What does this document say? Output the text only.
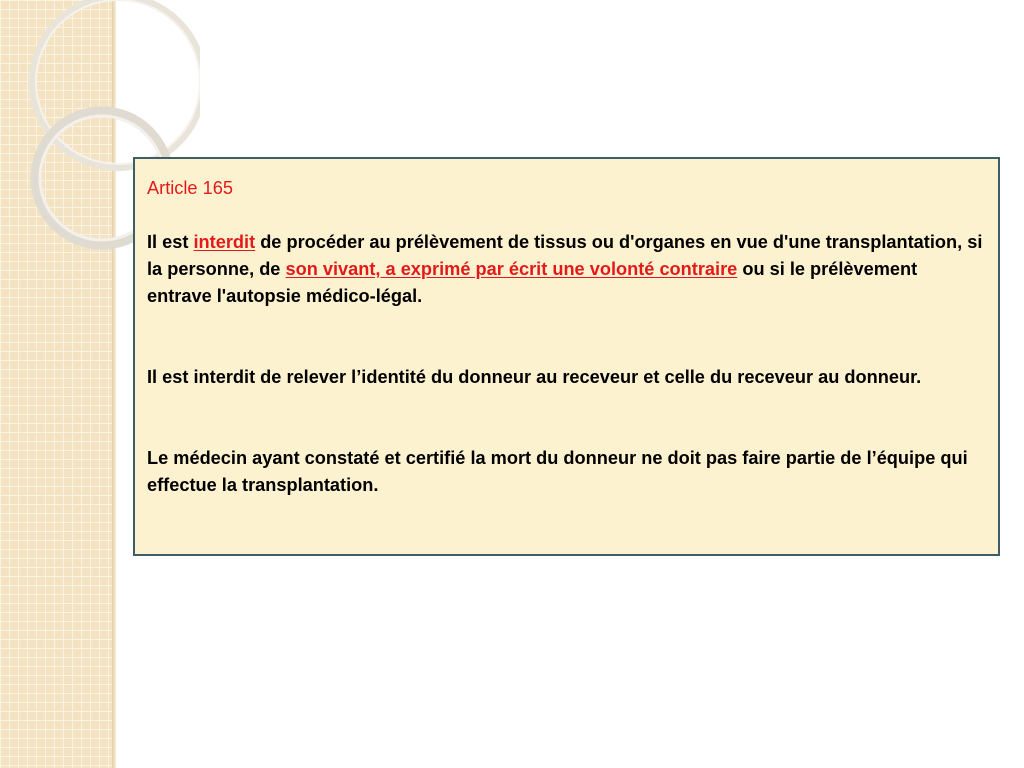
Article 165

Il est interdit de procéder au prélèvement de tissus ou d'organes en vue d'une transplantation, si la personne, de son vivant, a exprimé par écrit une volonté contraire ou si le prélèvement entrave l'autopsie médico-légal.

Il est interdit de relever l’identité du donneur au receveur et celle du receveur au donneur.

Le médecin ayant constaté et certifié la mort du donneur ne doit pas faire partie de l’équipe qui effectue la transplantation.
